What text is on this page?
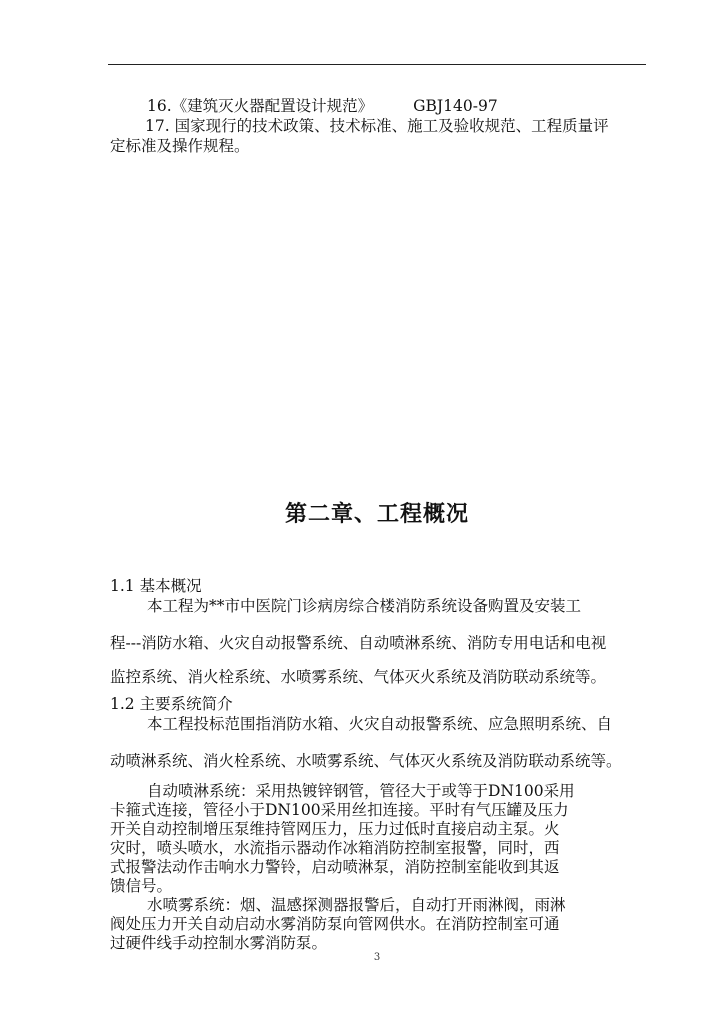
16.《建筑灭火器配置设计规范》	GBJ140-97
17. 国家现行的技术政策、技术标准、施工及验收规范、工程质量评
定标准及操作规程。
第二章、工程概况
1.1 基本概况
本工程为**市中医院门诊病房综合楼消防系统设备购置及安装工
程---消防水箱、火灾自动报警系统、自动喷淋系统、消防专用电话和电视
监控系统、消火栓系统、水喷雾系统、气体灭火系统及消防联动系统等。
1.2 主要系统简介
本工程投标范围指消防水箱、火灾自动报警系统、应急照明系统、自
动喷淋系统、消火栓系统、水喷雾系统、气体灭火系统及消防联动系统等。
自动喷淋系统：采用热镀锌钢管，管径大于或等于DN100采用
卡箍式连接，管径小于DN100采用丝扣连接。平时有气压罐及压力
开关自动控制增压泵维持管网压力，压力过低时直接启动主泵。火
灾时，喷头喷水，水流指示器动作冰箱消防控制室报警，同时，西
式报警法动作击响水力警铃，启动喷淋泵，消防控制室能收到其返
馈信号。
水喷雾系统：烟、温感探测器报警后，自动打开雨淋阀，雨淋
阀处压力开关自动启动水雾消防泵向管网供水。在消防控制室可通
过硬件线手动控制水雾消防泵。
3
